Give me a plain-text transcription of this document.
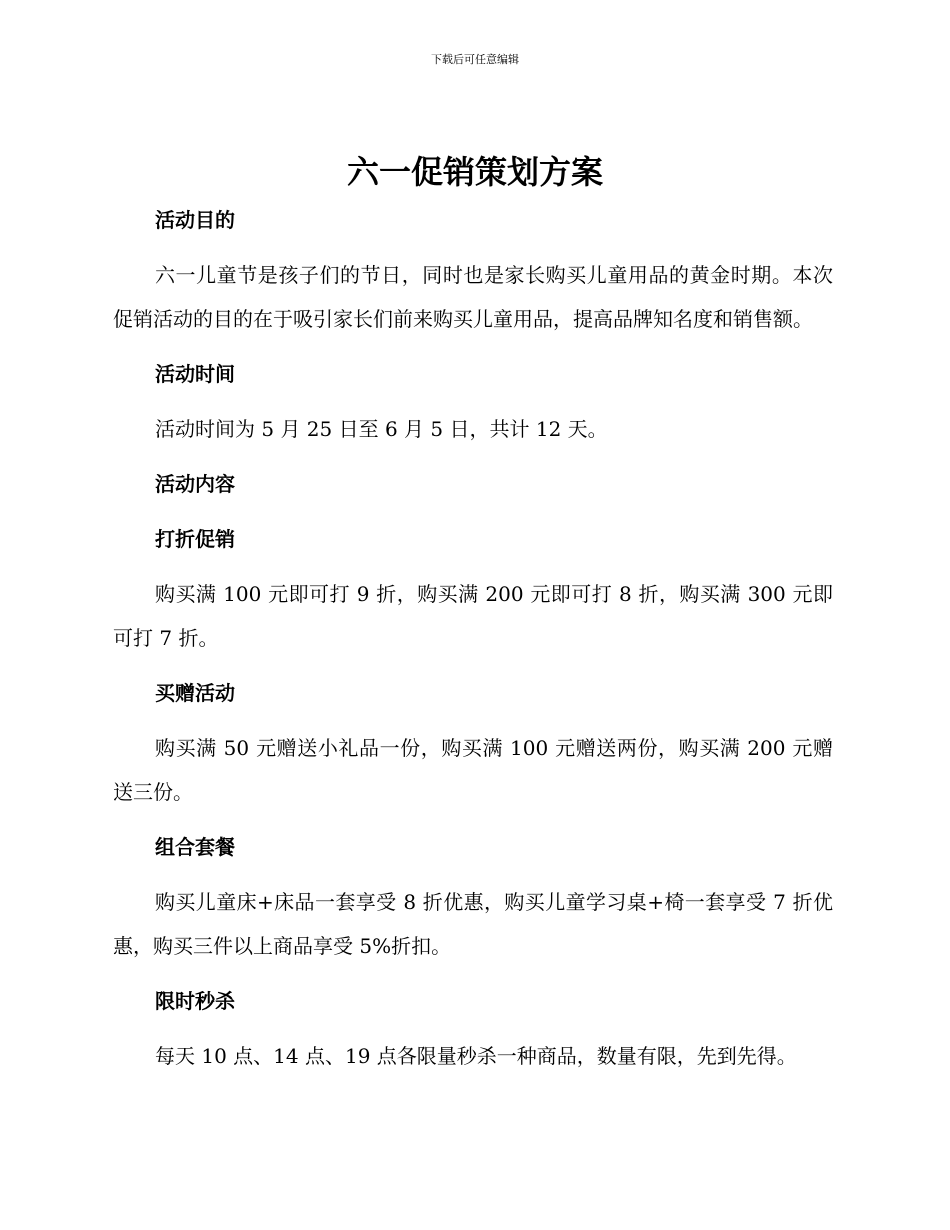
下载后可任意编辑
六一促销策划方案
活动目的

六一儿童节是孩子们的节日，同时也是家长购买儿童用品的黄金时期。本次促销活动的目的在于吸引家长们前来购买儿童用品，提高品牌知名度和销售额。

活动时间

活动时间为 5 月 25 日至 6 月 5 日，共计 12 天。

活动内容
打折促销

购买满 100 元即可打 9 折，购买满 200 元即可打 8 折，购买满 300 元即可打 7 折。

买赠活动

购买满 50 元赠送小礼品一份，购买满 100 元赠送两份，购买满 200 元赠送三份。

组合套餐

购买儿童床+床品一套享受 8 折优惠，购买儿童学习桌+椅一套享受 7 折优惠，购买三件以上商品享受 5%折扣。

限时秒杀

每天 10 点、14 点、19 点各限量秒杀一种商品，数量有限，先到先得。
